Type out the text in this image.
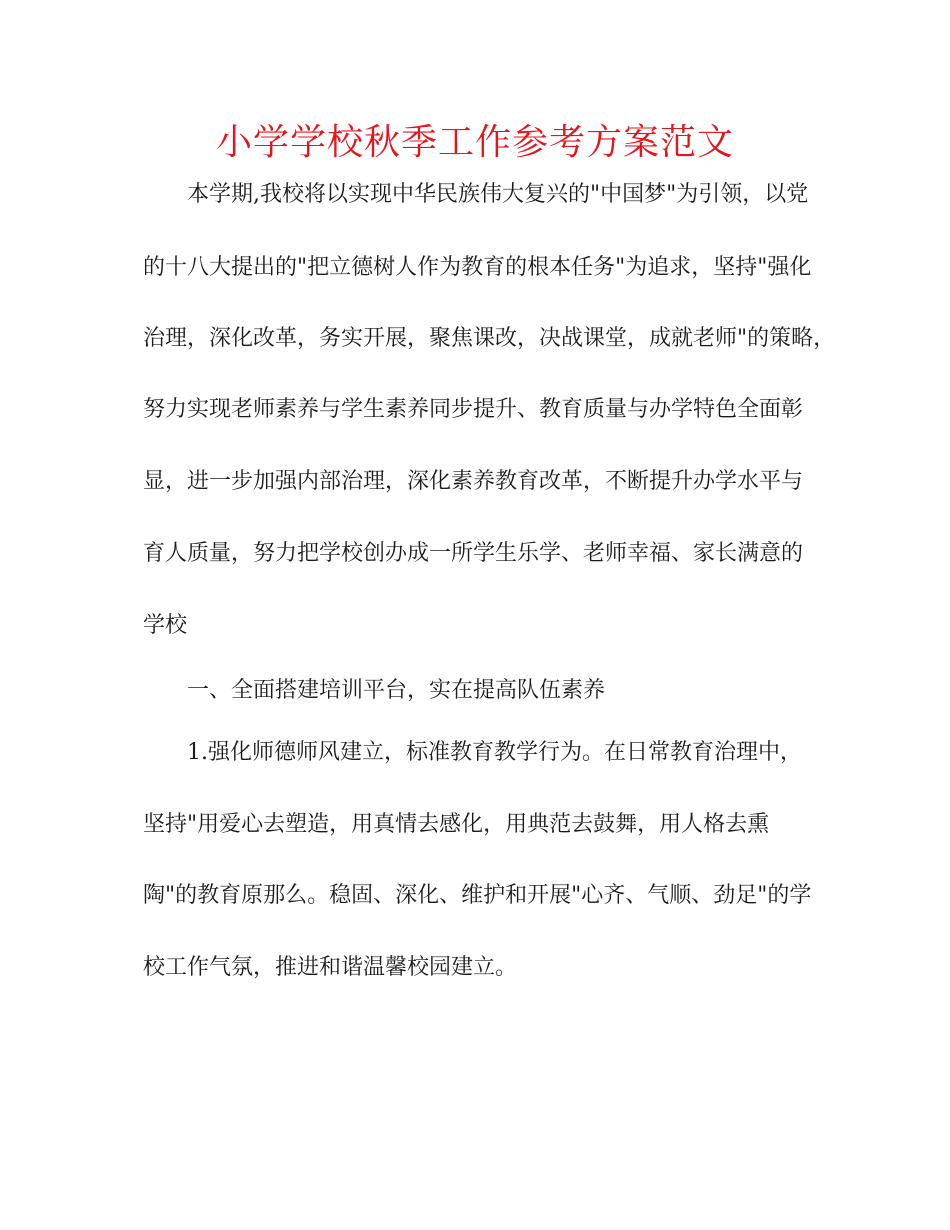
小学学校秋季工作参考方案范文
本学期,我校将以实现中华民族伟大复兴的"中国梦"为引领，以党
的十八大提出的"把立德树人作为教育的根本任务"为追求，坚持"强化
治理，深化改革，务实开展，聚焦课改，决战课堂，成就老师"的策略，
努力实现老师素养与学生素养同步提升、教育质量与办学特色全面彰
显，进一步加强内部治理，深化素养教育改革，不断提升办学水平与
育人质量，努力把学校创办成一所学生乐学、老师幸福、家长满意的
学校
一、全面搭建培训平台，实在提高队伍素养
1.强化师德师风建立，标准教育教学行为。在日常教育治理中，
坚持"用爱心去塑造，用真情去感化，用典范去鼓舞，用人格去熏
陶"的教育原那么。稳固、深化、维护和开展"心齐、气顺、劲足"的学
校工作气氛，推进和谐温馨校园建立。
